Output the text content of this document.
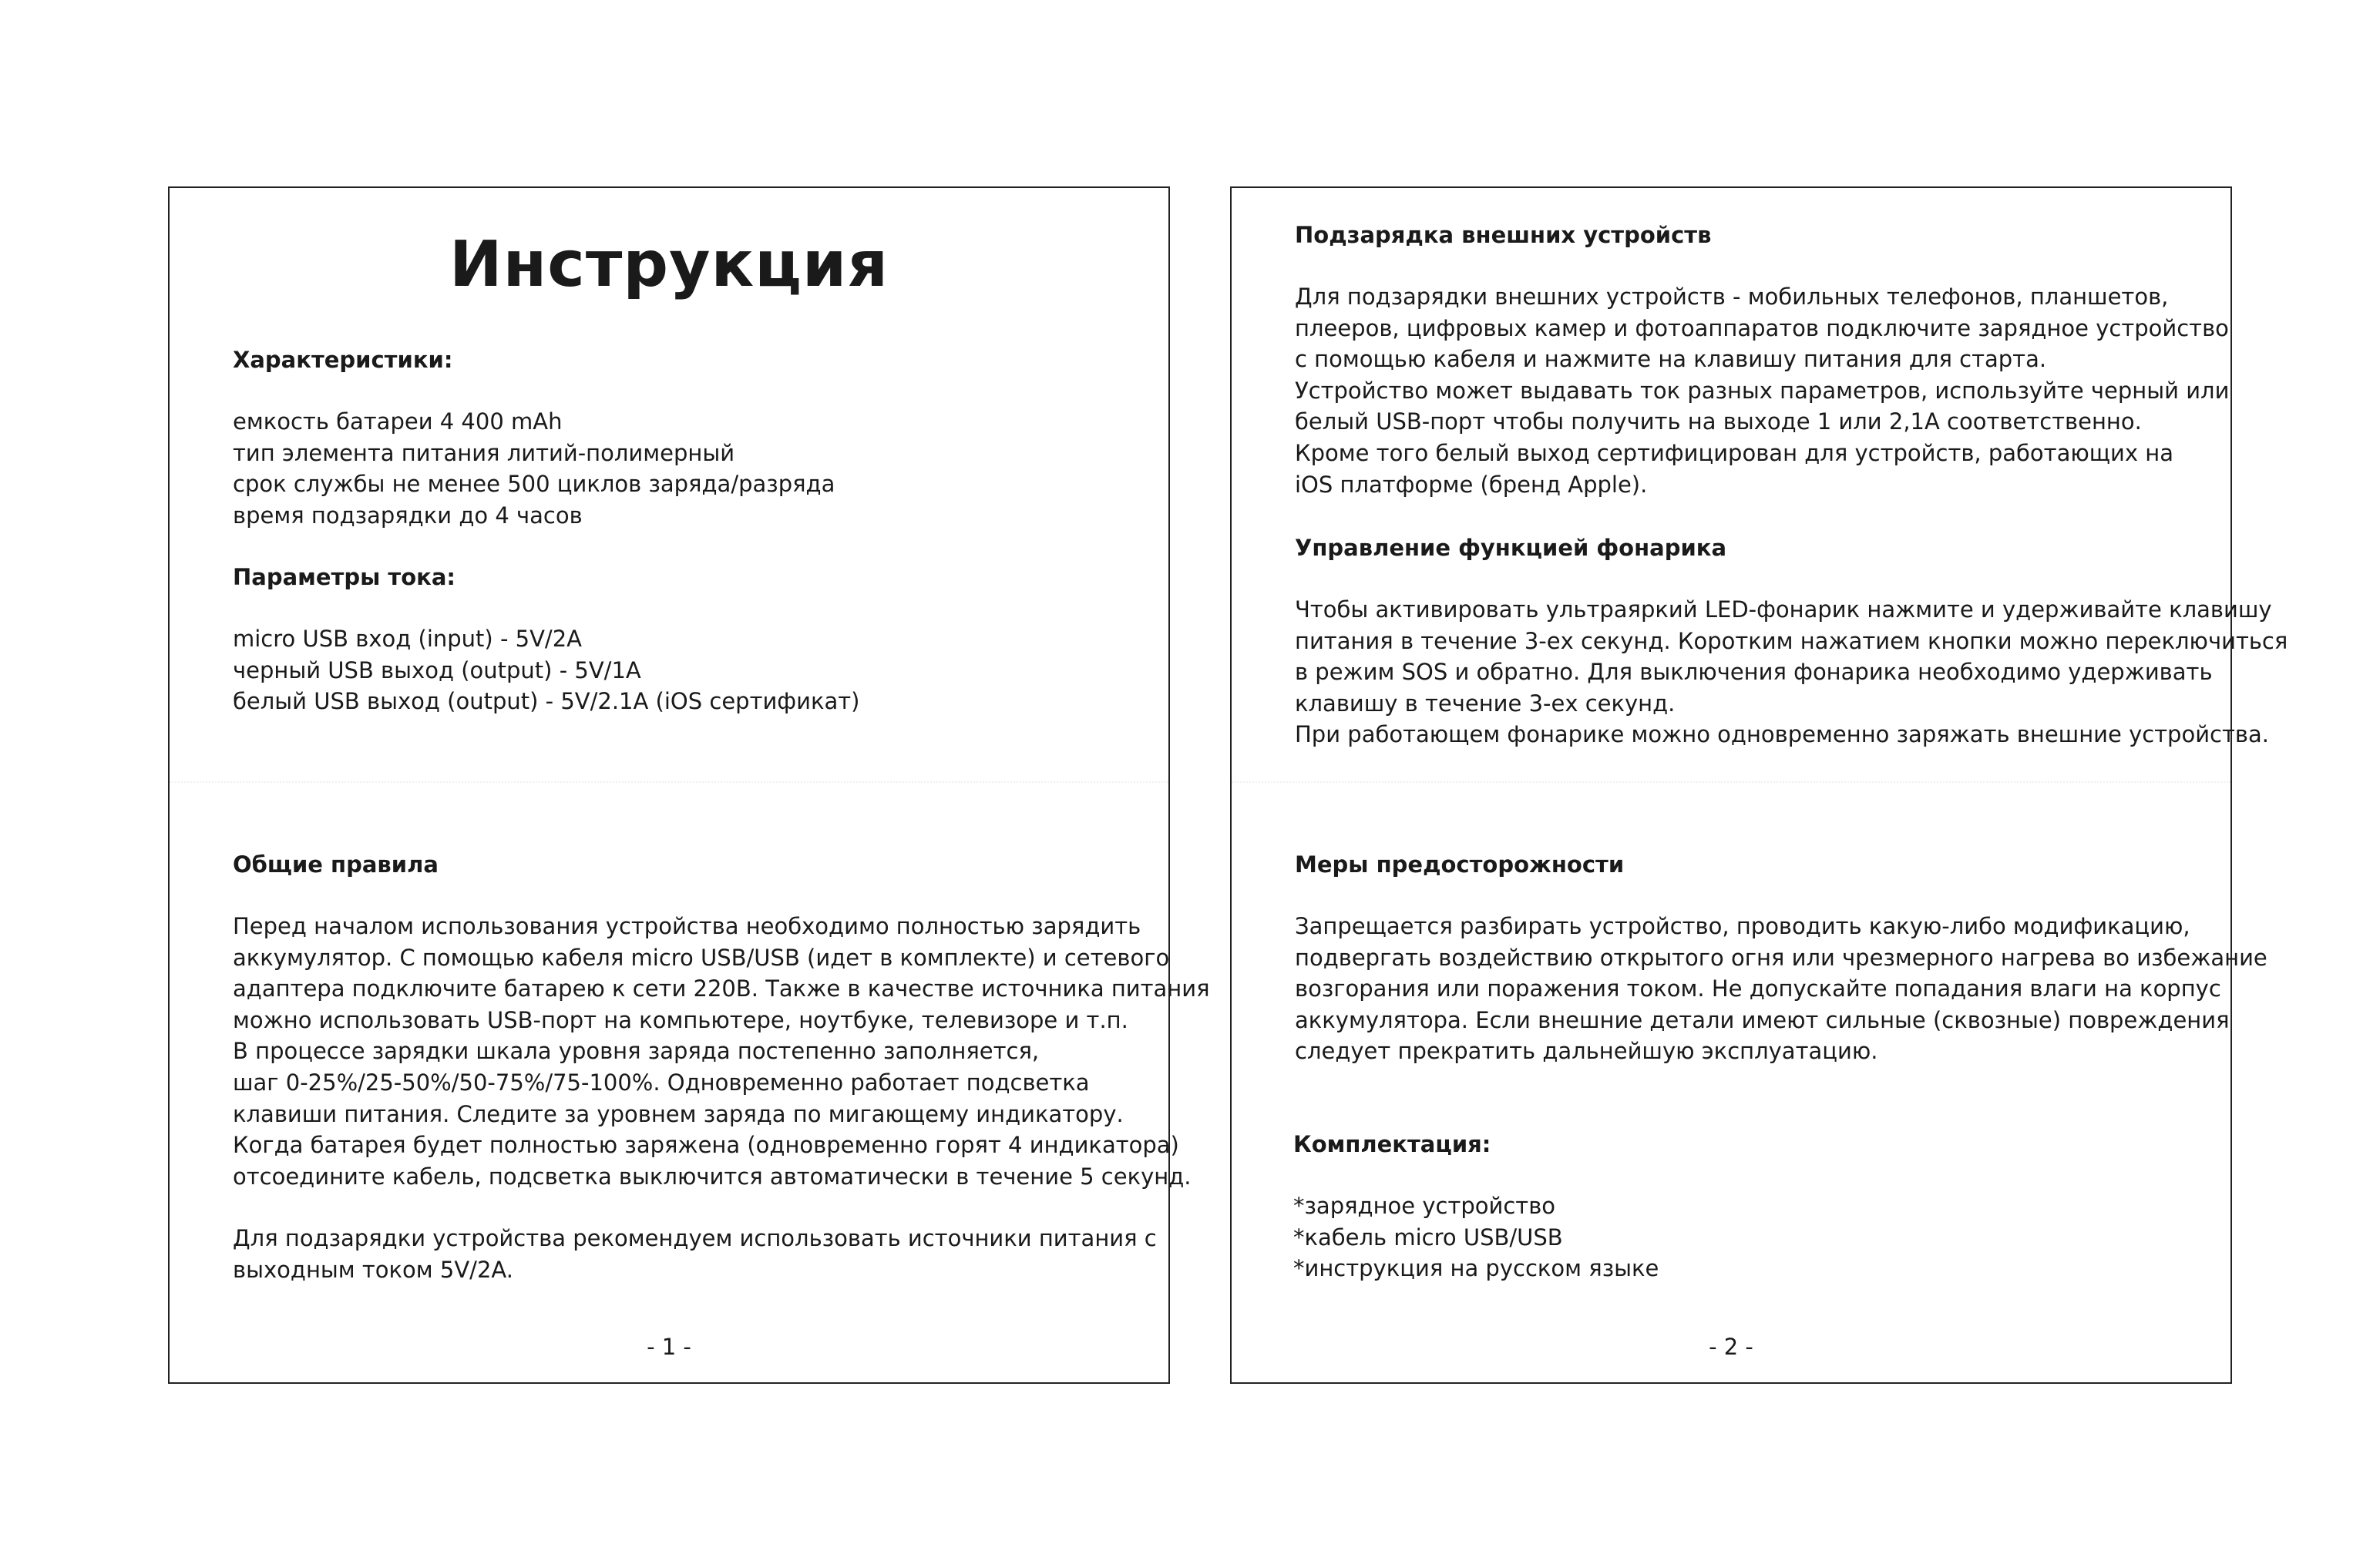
Инструкция
Характеристики:
емкость батареи 4 400 mAh
тип элемента питания литий-полимерный
срок службы не менее 500 циклов заряда/разряда
время подзарядки до 4 часов
Параметры тока:
micro USB вход (input) - 5V/2A
черный USB выход (output) - 5V/1A
белый USB выход (output) - 5V/2.1A (iOS сертификат)
Общие правила
Перед началом использования устройства необходимо полностью зарядить
аккумулятор. С помощью кабеля micro USB/USB (идет в комплекте) и сетевого
адаптера подключите батарею к сети 220В. Также в качестве источника питания
можно использовать USB-порт на компьютере, ноутбуке, телевизоре и т.п.
В процессе зарядки шкала уровня заряда постепенно заполняется,
шаг 0-25%/25-50%/50-75%/75-100%. Одновременно работает подсветка
клавиши питания. Следите за уровнем заряда по мигающему индикатору.
Когда батарея будет полностью заряжена (одновременно горят 4 индикатора)
отсоедините кабель, подсветка выключится автоматически в течение 5 секунд.
Для подзарядки устройства рекомендуем использовать источники питания с
выходным током 5V/2A.
- 1 -
Подзарядка внешних устройств
Для подзарядки внешних устройств - мобильных телефонов, планшетов,
плееров, цифровых камер и фотоаппаратов подключите зарядное устройство
с помощью кабеля и нажмите на клавишу питания для старта.
Устройство может выдавать ток разных параметров, используйте черный или
белый USB-порт чтобы получить на выходе 1 или 2,1А соответственно.
Кроме того белый выход сертифицирован для устройств, работающих на
iOS платформе (бренд Apple).
Управление функцией фонарика
Чтобы активировать ультраяркий LED-фонарик нажмите и удерживайте клавишу
питания в течение 3-ех секунд. Коротким нажатием кнопки можно переключиться
в режим SOS и обратно. Для выключения фонарика необходимо удерживать
клавишу в течение 3-ех секунд.
При работающем фонарике можно одновременно заряжать внешние устройства.
Меры предосторожности
Запрещается разбирать устройство, проводить какую-либо модификацию,
подвергать воздействию открытого огня или чрезмерного нагрева во избежание
возгорания или поражения током. Не допускайте попадания влаги на корпус
аккумулятора. Если внешние детали имеют сильные (сквозные) повреждения
следует прекратить дальнейшую эксплуатацию.
Комплектация:
*зарядное устройство
*кабель micro USB/USB
*инструкция на русском языке
- 2 -
